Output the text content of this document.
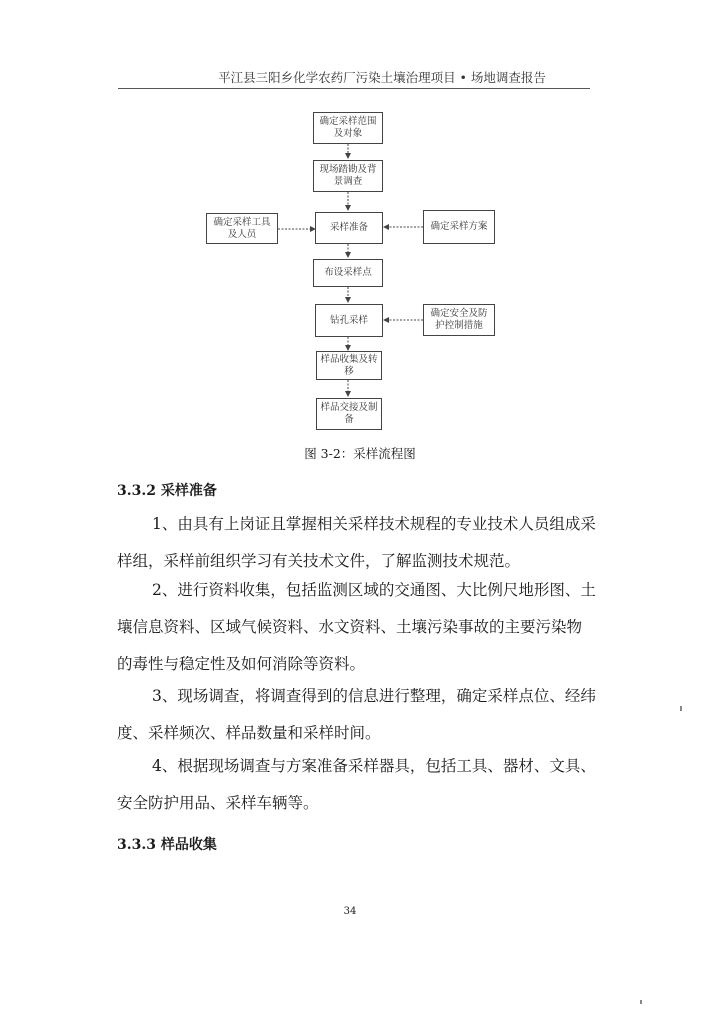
平江县三阳乡化学农药厂污染土壤治理项目 • 场地调查报告
确定采样范围及对象
现场踏勘及背景调查
采样准备
布设采样点
钻孔采样
样品收集及转移
样品交接及制备
确定采样工具及人员
确定采样方案
确定安全及防护控制措施
图 3-2：采样流程图
3.3.2 采样准备

1、由具有上岗证且掌握相关采样技术规程的专业技术人员组成采样组，采样前组织学习有关技术文件，了解监测技术规范。

2、进行资料收集，包括监测区域的交通图、大比例尺地形图、土壤信息资料、区域气候资料、水文资料、土壤污染事故的主要污染物的毒性与稳定性及如何消除等资料。

3、现场调查，将调查得到的信息进行整理，确定采样点位、经纬度、采样频次、样品数量和采样时间。

4、根据现场调查与方案准备采样器具，包括工具、器材、文具、安全防护用品、采样车辆等。

3.3.3 样品收集
34
